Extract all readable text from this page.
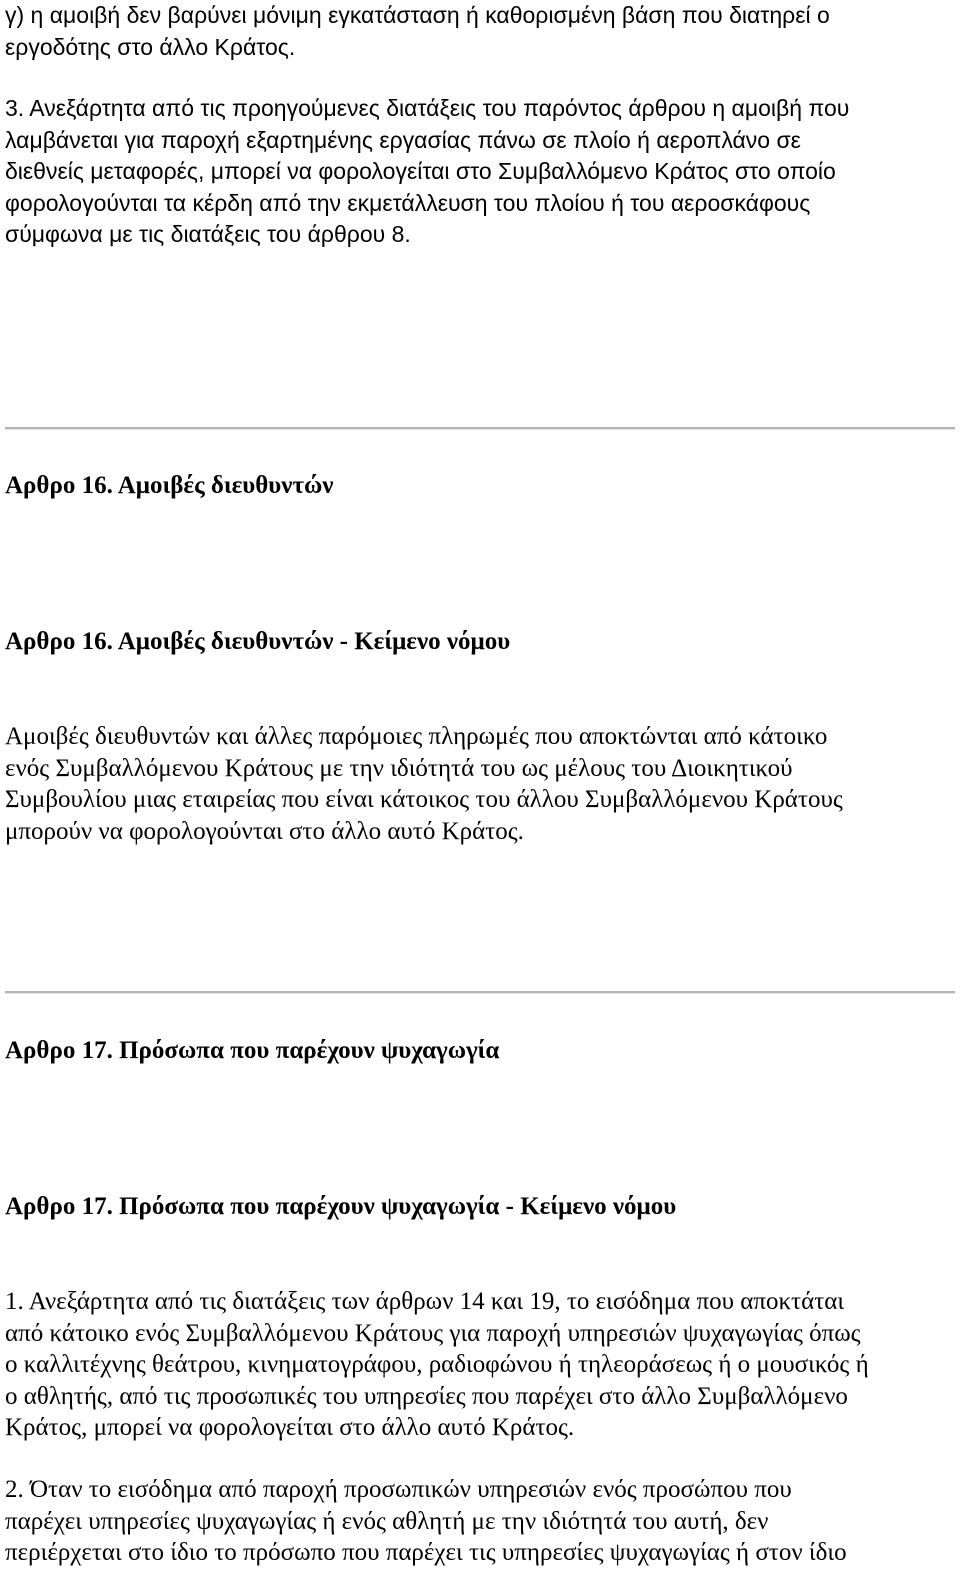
γ) η αμοιβή δεν βαρύνει μόνιμη εγκατάσταση ή καθορισμένη βάση που διατηρεί ο
εργοδότης στο άλλο Κράτος.

3. Ανεξάρτητα από τις προηγούμενες διατάξεις του παρόντος άρθρου η αμοιβή που
λαμβάνεται για παροχή εξαρτημένης εργασίας πάνω σε πλοίο ή αεροπλάνο σε
διεθνείς μεταφορές, μπορεί να φορολογείται στο Συμβαλλόμενο Κράτος στο οποίο
φορολογούνται τα κέρδη από την εκμετάλλευση του πλοίου ή του αεροσκάφους
σύμφωνα με τις διατάξεις του άρθρου 8.

Αρθρο 16. Αμοιβές διευθυντών
Αρθρο 16. Αμοιβές διευθυντών - Κείμενο νόμου

Αμοιβές διευθυντών και άλλες παρόμοιες πληρωμές που αποκτώνται από κάτοικο
ενός Συμβαλλόμενου Κράτους με την ιδιότητά του ως μέλους του Διοικητικού
Συμβουλίου μιας εταιρείας που είναι κάτοικος του άλλου Συμβαλλόμενου Κράτους
μπορούν να φορολογούνται στο άλλο αυτό Κράτος.

Αρθρο 17. Πρόσωπα που παρέχουν ψυχαγωγία
Αρθρο 17. Πρόσωπα που παρέχουν ψυχαγωγία - Κείμενο νόμου

1. Ανεξάρτητα από τις διατάξεις των άρθρων 14 και 19, το εισόδημα που αποκτάται
από κάτοικο ενός Συμβαλλόμενου Κράτους για παροχή υπηρεσιών ψυχαγωγίας όπως
ο καλλιτέχνης θεάτρου, κινηματογράφου, ραδιοφώνου ή τηλεοράσεως ή ο μουσικός ή
ο αθλητής, από τις προσωπικές του υπηρεσίες που παρέχει στο άλλο Συμβαλλόμενο
Κράτος, μπορεί να φορολογείται στο άλλο αυτό Κράτος.

2. Όταν το εισόδημα από παροχή προσωπικών υπηρεσιών ενός προσώπου που
παρέχει υπηρεσίες ψυχαγωγίας ή ενός αθλητή με την ιδιότητά του αυτή, δεν
περιέρχεται στο ίδιο το πρόσωπο που παρέχει τις υπηρεσίες ψυχαγωγίας ή στον ίδιο
